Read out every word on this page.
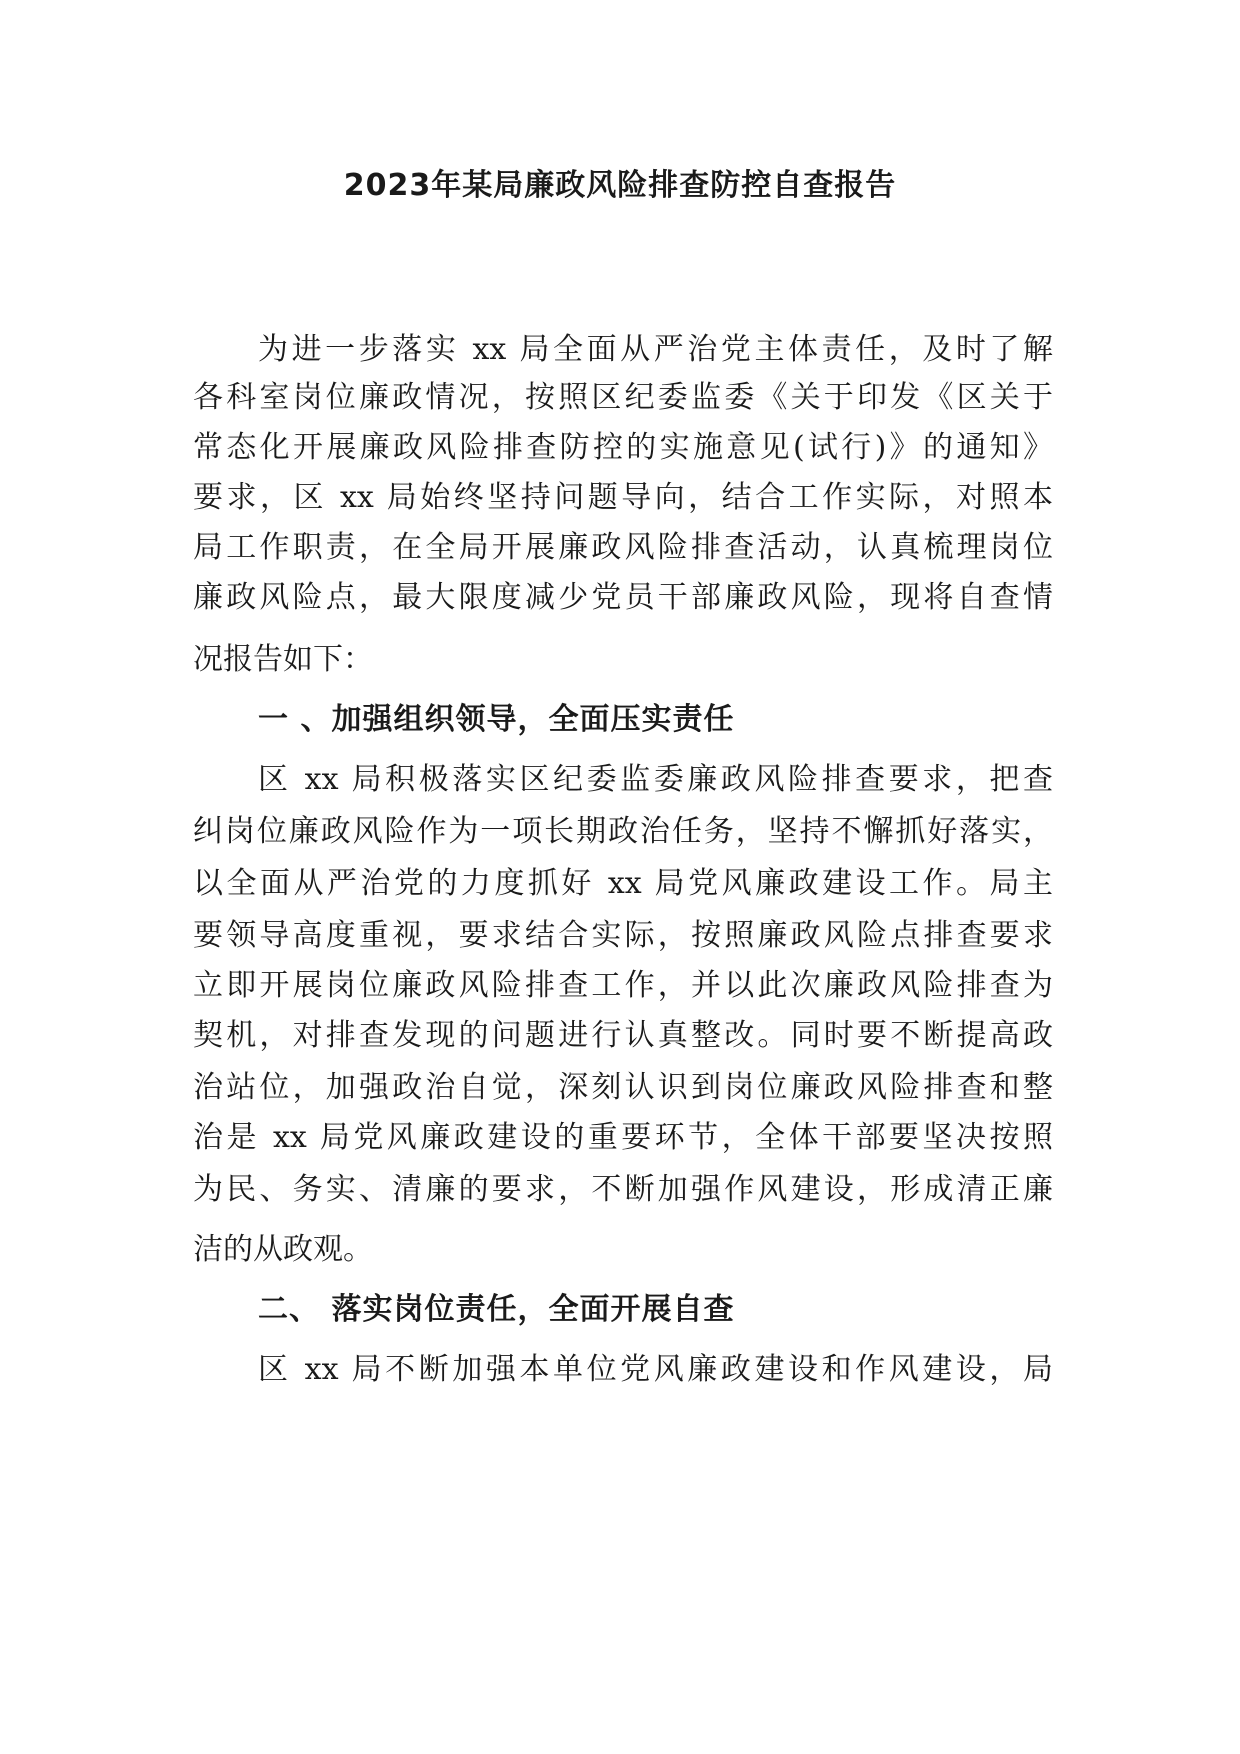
2023年某局廉政风险排查防控自查报告

为进一步落实 xx 局全面从严治党主体责任，及时了解

各科室岗位廉政情况，按照区纪委监委《关于印发《区关于

常态化开展廉政风险排查防控的实施意见(试行)》的通知》

要求，区 xx 局始终坚持问题导向，结合工作实际，对照本

局工作职责，在全局开展廉政风险排查活动，认真梳理岗位

廉政风险点，最大限度减少党员干部廉政风险，现将自查情

况报告如下：

一 、加强组织领导，全面压实责任

区 xx 局积极落实区纪委监委廉政风险排查要求，把查

纠岗位廉政风险作为一项长期政治任务，坚持不懈抓好落实，

以全面从严治党的力度抓好 xx 局党风廉政建设工作。局主

要领导高度重视，要求结合实际，按照廉政风险点排查要求

立即开展岗位廉政风险排查工作，并以此次廉政风险排查为

契机，对排查发现的问题进行认真整改。同时要不断提高政

治站位，加强政治自觉，深刻认识到岗位廉政风险排查和整

治是 xx 局党风廉政建设的重要环节，全体干部要坚决按照

为民、务实、清廉的要求，不断加强作风建设，形成清正廉

洁的从政观。

二、 落实岗位责任，全面开展自查

区 xx 局不断加强本单位党风廉政建设和作风建设，局
